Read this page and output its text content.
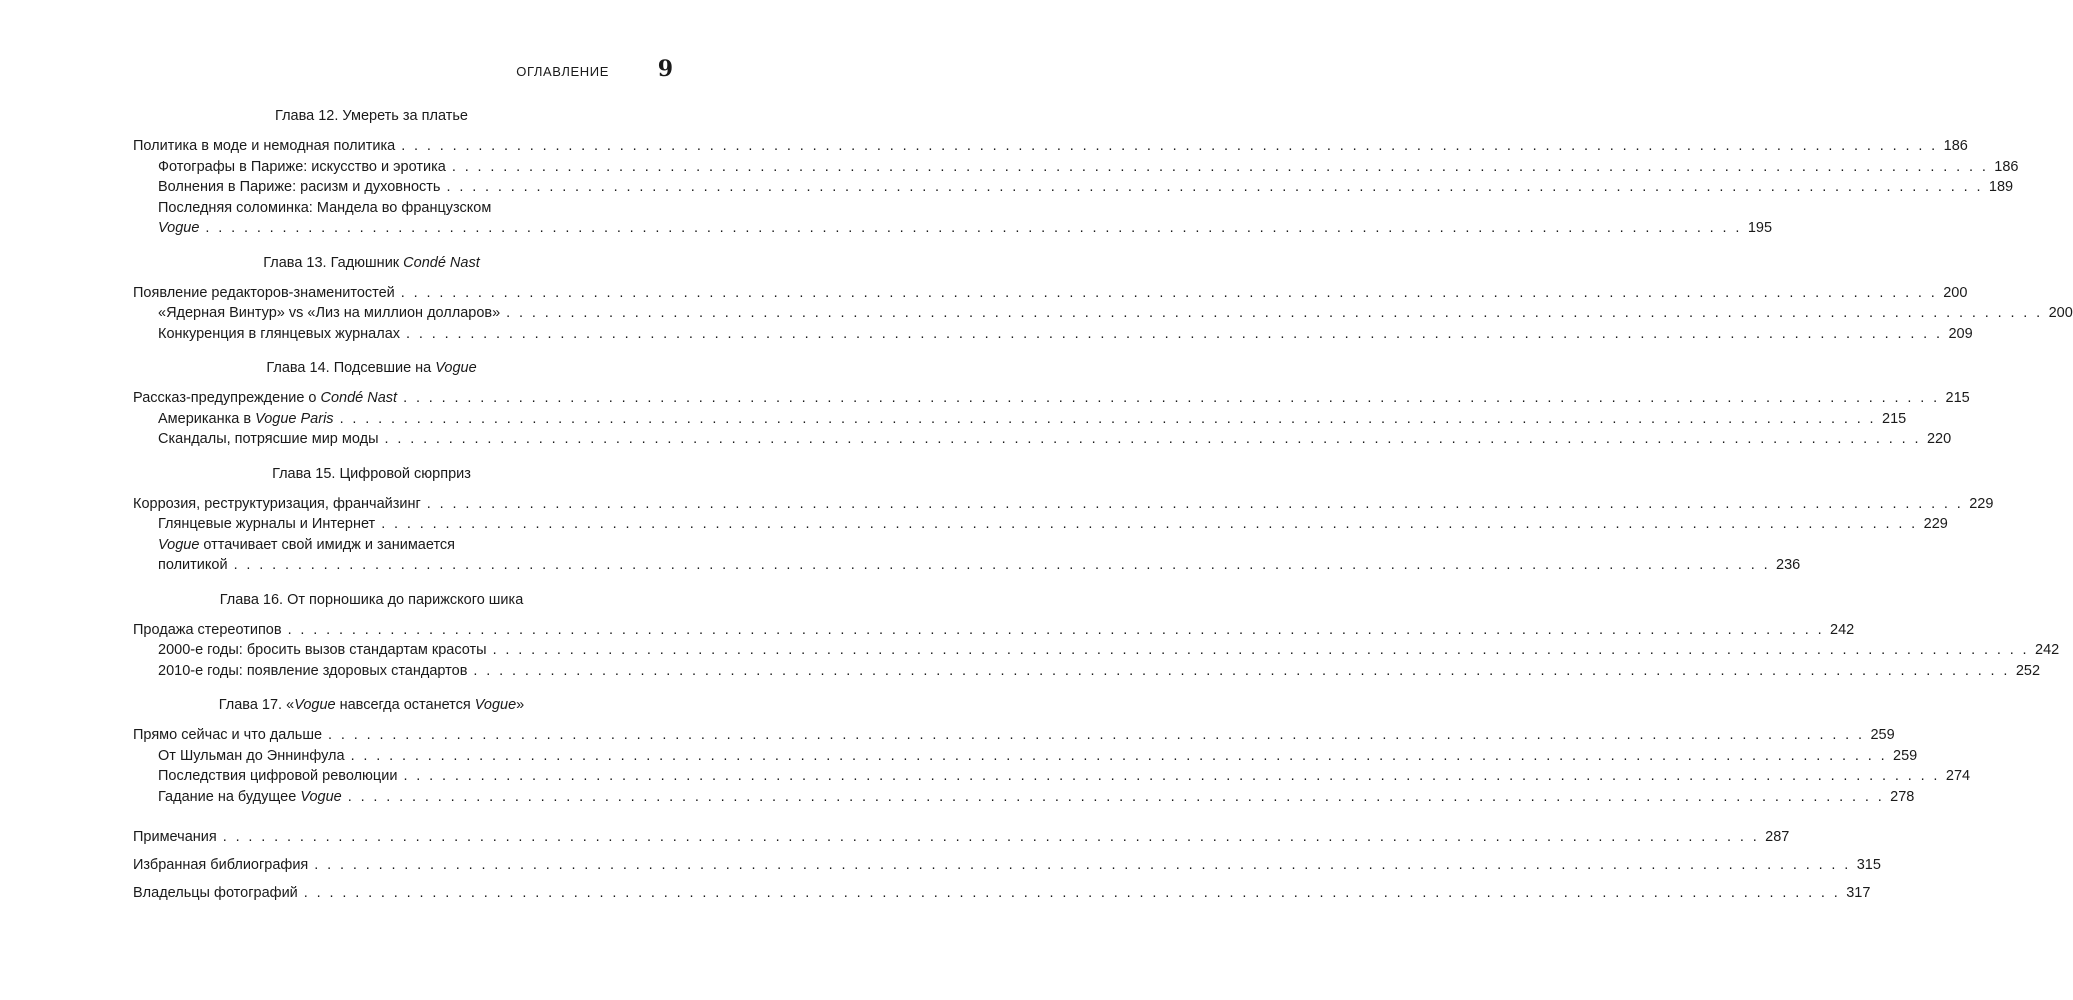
ОГЛАВЛЕНИЕ 9
Глава 12. Умереть за платье
Политика в моде и немодная политика . . . . . . . . . . . . . . . . . . . . . . . . . . . . . . . . . . . . . . . . . . . . . . . . . . . . . . . . . . . . . . . . . . . . . . . . . . . . . . . . . . . . . . . . . . . . . . . . . . . . . . . . . . . . . . . . . . . . . . . . 186
Фотографы в Париже: искусство и эротика . . . . . . . . . . . . . . . . . . . . . . . . . . . . . . . . . . . . . . . . . . . . . . . . . . . . . . . . . . . . . . . . . . . . . . . . . . . . . . . . . . . . . . . . . . . . . . . . . . . . . . . . . . . . . . . . . . . . . . . . 186
Волнения в Париже: расизм и духовность . . . . . . . . . . . . . . . . . . . . . . . . . . . . . . . . . . . . . . . . . . . . . . . . . . . . . . . . . . . . . . . . . . . . . . . . . . . . . . . . . . . . . . . . . . . . . . . . . . . . . . . . . . . . . . . . . . . . . . . . 189
Последняя соломинка: Мандела во французском
Vogue . . . . . . . . . . . . . . . . . . . . . . . . . . . . . . . . . . . . . . . . . . . . . . . . . . . . . . . . . . . . . . . . . . . . . . . . . . . . . . . . . . . . . . . . . . . . . . . . . . . . . . . . . . . . . . . . . . . . . . . . 195
Глава 13. Гадюшник Condé Nast
Появление редакторов-знаменитостей . . . . . . . . . . . . . . . . . . . . . . . . . . . . . . . . . . . . . . . . . . . . . . . . . . . . . . . . . . . . . . . . . . . . . . . . . . . . . . . . . . . . . . . . . . . . . . . . . . . . . . . . . . . . . . . . . . . . . . . . 200
«Ядерная Винтур» vs «Лиз на миллион долларов» . . . . . . . . . . . . . . . . . . . . . . . . . . . . . . . . . . . . . . . . . . . . . . . . . . . . . . . . . . . . . . . . . . . . . . . . . . . . . . . . . . . . . . . . . . . . . . . . . . . . . . . . . . . . . . . . . . . . . . . . 200
Конкуренция в глянцевых журналах . . . . . . . . . . . . . . . . . . . . . . . . . . . . . . . . . . . . . . . . . . . . . . . . . . . . . . . . . . . . . . . . . . . . . . . . . . . . . . . . . . . . . . . . . . . . . . . . . . . . . . . . . . . . . . . . . . . . . . . . 209
Глава 14. Подсевшие на Vogue
Рассказ-предупреждение о Condé Nast . . . . . . . . . . . . . . . . . . . . . . . . . . . . . . . . . . . . . . . . . . . . . . . . . . . . . . . . . . . . . . . . . . . . . . . . . . . . . . . . . . . . . . . . . . . . . . . . . . . . . . . . . . . . . . . . . . . . . . . . 215
Американка в Vogue Paris . . . . . . . . . . . . . . . . . . . . . . . . . . . . . . . . . . . . . . . . . . . . . . . . . . . . . . . . . . . . . . . . . . . . . . . . . . . . . . . . . . . . . . . . . . . . . . . . . . . . . . . . . . . . . . . . . . . . . . . . 215
Скандалы, потрясшие мир моды . . . . . . . . . . . . . . . . . . . . . . . . . . . . . . . . . . . . . . . . . . . . . . . . . . . . . . . . . . . . . . . . . . . . . . . . . . . . . . . . . . . . . . . . . . . . . . . . . . . . . . . . . . . . . . . . . . . . . . . . 220
Глава 15. Цифровой сюрприз
Коррозия, реструктуризация, франчайзинг . . . . . . . . . . . . . . . . . . . . . . . . . . . . . . . . . . . . . . . . . . . . . . . . . . . . . . . . . . . . . . . . . . . . . . . . . . . . . . . . . . . . . . . . . . . . . . . . . . . . . . . . . . . . . . . . . . . . . . . . 229
Глянцевые журналы и Интернет . . . . . . . . . . . . . . . . . . . . . . . . . . . . . . . . . . . . . . . . . . . . . . . . . . . . . . . . . . . . . . . . . . . . . . . . . . . . . . . . . . . . . . . . . . . . . . . . . . . . . . . . . . . . . . . . . . . . . . . . 229
Vogue оттачивает свой имидж и занимается
политикой . . . . . . . . . . . . . . . . . . . . . . . . . . . . . . . . . . . . . . . . . . . . . . . . . . . . . . . . . . . . . . . . . . . . . . . . . . . . . . . . . . . . . . . . . . . . . . . . . . . . . . . . . . . . . . . . . . . . . . . . 236
Глава 16. От порношика до парижского шика
Продажа стереотипов . . . . . . . . . . . . . . . . . . . . . . . . . . . . . . . . . . . . . . . . . . . . . . . . . . . . . . . . . . . . . . . . . . . . . . . . . . . . . . . . . . . . . . . . . . . . . . . . . . . . . . . . . . . . . . . . . . . . . . . . 242
2000-е годы: бросить вызов стандартам красоты . . . . . . . . . . . . . . . . . . . . . . . . . . . . . . . . . . . . . . . . . . . . . . . . . . . . . . . . . . . . . . . . . . . . . . . . . . . . . . . . . . . . . . . . . . . . . . . . . . . . . . . . . . . . . . . . . . . . . . . . 242
2010-е годы: появление здоровых стандартов . . . . . . . . . . . . . . . . . . . . . . . . . . . . . . . . . . . . . . . . . . . . . . . . . . . . . . . . . . . . . . . . . . . . . . . . . . . . . . . . . . . . . . . . . . . . . . . . . . . . . . . . . . . . . . . . . . . . . . . . 252
Глава 17. «Vogue навсегда останется Vogue»
Прямо сейчас и что дальше . . . . . . . . . . . . . . . . . . . . . . . . . . . . . . . . . . . . . . . . . . . . . . . . . . . . . . . . . . . . . . . . . . . . . . . . . . . . . . . . . . . . . . . . . . . . . . . . . . . . . . . . . . . . . . . . . . . . . . . . 259
От Шульман до Эннинфула . . . . . . . . . . . . . . . . . . . . . . . . . . . . . . . . . . . . . . . . . . . . . . . . . . . . . . . . . . . . . . . . . . . . . . . . . . . . . . . . . . . . . . . . . . . . . . . . . . . . . . . . . . . . . . . . . . . . . . . . 259
Последствия цифровой революции . . . . . . . . . . . . . . . . . . . . . . . . . . . . . . . . . . . . . . . . . . . . . . . . . . . . . . . . . . . . . . . . . . . . . . . . . . . . . . . . . . . . . . . . . . . . . . . . . . . . . . . . . . . . . . . . . . . . . . . . 274
Гадание на будущее Vogue . . . . . . . . . . . . . . . . . . . . . . . . . . . . . . . . . . . . . . . . . . . . . . . . . . . . . . . . . . . . . . . . . . . . . . . . . . . . . . . . . . . . . . . . . . . . . . . . . . . . . . . . . . . . . . . . . . . . . . . . 278
Примечания . . . . . . . . . . . . . . . . . . . . . . . . . . . . . . . . . . . . . . . . . . . . . . . . . . . . . . . . . . . . . . . . . . . . . . . . . . . . . . . . . . . . . . . . . . . . . . . . . . . . . . . . . . . . . . . . . . . . . . . . 287
Избранная библиография . . . . . . . . . . . . . . . . . . . . . . . . . . . . . . . . . . . . . . . . . . . . . . . . . . . . . . . . . . . . . . . . . . . . . . . . . . . . . . . . . . . . . . . . . . . . . . . . . . . . . . . . . . . . . . . . . . . . . . . . 315
Владельцы фотографий . . . . . . . . . . . . . . . . . . . . . . . . . . . . . . . . . . . . . . . . . . . . . . . . . . . . . . . . . . . . . . . . . . . . . . . . . . . . . . . . . . . . . . . . . . . . . . . . . . . . . . . . . . . . . . . . . . . . . . . . 317
